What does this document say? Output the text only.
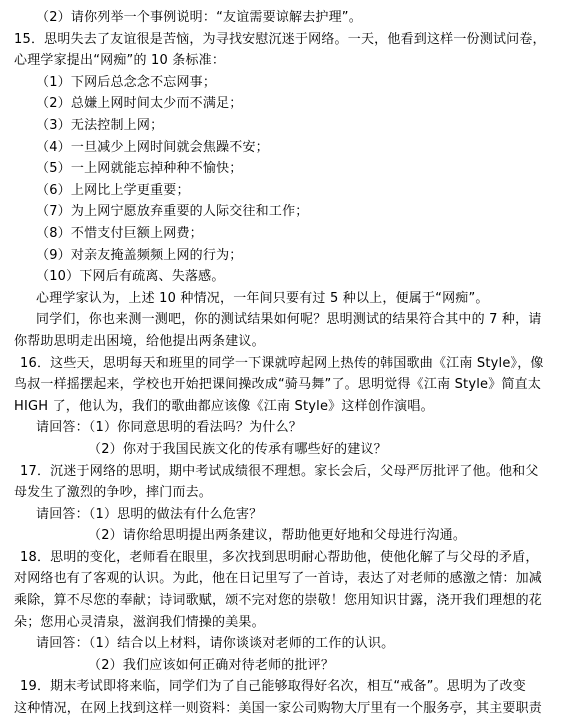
（2）请你列举一个事例说明：“友谊需要谅解去护理”。
15．思明失去了友谊很是苦恼，为寻找安慰沉迷于网络。一天，他看到这样一份测试问卷，
心理学家提出“网痴”的 10 条标准：
（1）下网后总念念不忘网事；
（2）总嫌上网时间太少而不满足；
（3）无法控制上网；
（4）一旦减少上网时间就会焦躁不安；
（5）一上网就能忘掉种种不愉快；
（6）上网比上学更重要；
（7）为上网宁愿放弃重要的人际交往和工作；
（8）不惜支付巨额上网费；
（9）对亲友掩盖频频上网的行为；
（10）下网后有疏离、失落感。
心理学家认为，上述 10 种情况，一年间只要有过 5 种以上，便属于“网痴”。
同学们，你也来测一测吧，你的测试结果如何呢？思明测试的结果符合其中的 7 种，请
你帮助思明走出困境，给他提出两条建议。
16．这些天，思明每天和班里的同学一下课就哼起网上热传的韩国歌曲《江南 Style》，像
鸟叔一样摇摆起来，学校也开始把课间操改成“骑马舞”了。思明觉得《江南 Style》简直太
HIGH 了，他认为，我们的歌曲都应该像《江南 Style》这样创作演唱。
请回答：（1）你同意思明的看法吗？为什么？
（2）你对于我国民族文化的传承有哪些好的建议？
17．沉迷于网络的思明，期中考试成绩很不理想。家长会后，父母严厉批评了他。他和父
母发生了激烈的争吵，摔门而去。
请回答：（1）思明的做法有什么危害？
（2）请你给思明提出两条建议，帮助他更好地和父母进行沟通。
18．思明的变化，老师看在眼里，多次找到思明耐心帮助他，使他化解了与父母的矛盾，
对网络也有了客观的认识。为此，他在日记里写了一首诗，表达了对老师的感激之情：加减
乘除，算不尽您的奉献；诗词歌赋，颂不完对您的崇敬！您用知识甘露，浇开我们理想的花
朵；您用心灵清泉，滋润我们情操的美果。
请回答：（1）结合以上材料，请你谈谈对老师的工作的认识。
（2）我们应该如何正确对待老师的批评？
19．期末考试即将来临，同学们为了自己能够取得好名次，相互“戒备”。思明为了改变
这种情况，在网上找到这样一则资料：美国一家公司购物大厅里有一个服务亭，其主要职责
